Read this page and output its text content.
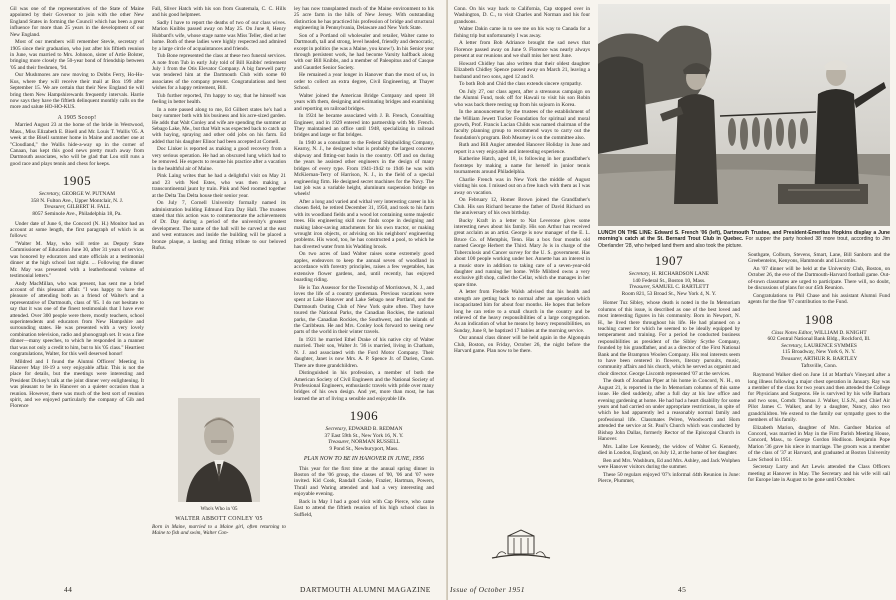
Gil was one of the representatives of the State of Maine appointed by their Governor to join with the other New England States in forming the Council which has been a great influence for more than 25 years in the development of our New England.

Most of our members will remember Stevie, secretary of 1905 since their graduation, who just after his fiftieth reunion in June, was married to Mrs. Johnson, sister of Artie Bolster, bringing more closely the 50-year bond of friendship between '05 and their freshmen, '94.

Our Mushmores are now moving to Dobbs Ferry, Ho-Ho-Kus, where they will receive their mail at Box 199 after September 15. We are certain that their New England tie will bring them New Hampshirewards frequently intervals. Harrie now says they have the fiftieth delinquent monthly calls on the more and salute HO-HO-KUS.

A 1905 Scoop!

Married August 23 at the home of the bride in Westwood, Mass., Miss Elizabeth E. Bisell and Mr. Louis T. Wallis '05. A week at the Bisell summer home in Maine and another one at "Cloudland," the Wallis hide-a-way up in the corner of Canaan, has kept this good news pretty much away from Dartmouth associates, who will be glad that Lou still runs a good race and plays tennis and chess for keeps.

1905
Secretary, GEORGE W. PUTNAM
358 N. Fulton Ave., Upper Montclair, N. J.
Treasurer, GILBERT H. FALL
8057 Seminole Ave., Philadelphia 18, Pa.

Under date of June 6, the Concord (N. H.) Monitor had an account at some length, the first paragraph of which is as follows:

"Walter M. May, who will retire as Deputy State Commissioner of Education June 30, after 31 years of service, was honored by educators and state officials at a testimonial dinner at the high school last night. ... Following the dinner Mr. May was presented with a leatherbound volume of testimonial letters."

Andy MacMillan, who was present, has sent me a brief account of this pleasant affair. "I was happy to have the pleasure of attending both as a friend of Walter's and a representative of Dartmouth, class of '05. I do not hesitate to say that it was one of the finest testimonials that I have ever attended. Over 300 people were there, mostly teachers, school superintendents and educators from New Hampshire and surrounding states. He was presented with a very lovely combination television, radio and phonograph set. It was a fine dinner—many speeches, to which he responded in a manner that was not only a credit to him, but to his '05 class." Heartiest congratulations, Walter, for this well deserved honor!

Mildred and I found the Alumni Officers' Meeting in Hanover May 18-19 a very enjoyable affair. This is not the place for details, but the meetings were interesting and President Dickey's talk at the joint dinner very enlightening. It was pleasant to be in Hanover on a quieter occasion than a reunion. However, there was much of the best sort of reunion spirit, and we enjoyed particularly the company of Gib and Florence

Fall, Sliver Hatch with his son from Guatemala, C. C. Hills and his good helpmeet.

Sadly I have to report the deaths of two of our class wives. Marion Knibbs passed away on May 25. On June 8, Henry Hubbard's wife, whose stage name was Miss Teller, died at her home. Both of these ladies were highly respected and admired by a large circle of acquaintances and friends.

Tub Bone represented the class at these two funeral services. A note from Tub in early July told of Bill Knibbs' retirement July 1 from the Otis Elevator Company. A big farewell party was tendered him at the Dartmouth Club with some 60 associates of the company present. Congratulations and best wishes for a happy retirement, Bill.

Tub further reported, I'm happy to say, that he himself was feeling in better health.

In a note passed along to me, Ed Gilbert states he's had a busy summer both with his business and his acre-sized garden. He adds that Walt Conley and wife are spending the summer at Sebago Lake, Me., but that Walt was expected back to catch up with haying, spraying and other odd jobs on his farm. Ed added that his daughter Elinor had been accepted at Cornell.

Doc Linker is reported as making a good recovery from a very serious operation. He had an obscured lung which had to be removed. He expects to resume his practice after a vacation in the healthful air of Maine.

Pink Laing writes that he had a delightful visit on May 21 and 23 with Ned Estes, who was then making a transcontinental jaunt by train. Pink and Ned roomed together at the Delta Tau Delta house their senior year.

On July 7, Cornell University formally named its administration building Edmund Ezra Day Hall. The trustees stated that this action was to commemorate the achievements of Dr. Day during a period of the university's greatest development. The name of the hall will be carved at the east and west entrances and inside the building will be placed a bronze plaque, a lasting and fitting tribute to our beloved Rufus.

Who's Who in '05
WALTER ABBOTT CONLEY '05
Born in Maine, married to a Maine girl, often returning to Maine to fish and swim, Walter Con-

ley has now transplanted much of the Maine environment to his 25 acre farm in the hills of New Jersey. With outstanding distinction he has practiced his profession of bridge and structural engineering in Pennsylvania, Delaware and New York State.

Son of a Portland oil wholesaler and retailer, Walter came to Dartmouth, tall and strong, level headed, friendly and democratic, except in politics (he was a Maine, you know!). In his Senior year through persistent work, he had become Varsity halfback along with our Bill Knibbs, and a member of Paleopitus and of Casque and Gauntlet Senior Society.

He remained a year longer in Hanover than the most of us, in order to collect an extra degree, Civil Engineering, at Thayer School.

Walter joined the American Bridge Company and spent 18 years with them, designing and estimating bridges and examining and reporting on railroad bridges.

In 1924 he became associated with J. B. French, Consulting Engineer, and in 1929 entered into partnership with Mr. French. They maintained an office until 1948, specializing in railroad bridges and large or flat bridges.

In 1940 as a consultant to the Federal Shipbuilding Company, Kearny, N. J., he designed what is probably the largest concrete shipway and fitting-out basin in the country. Off and on during the years he assisted other engineers in the design of many bridges of every type. From 1941-1942 to 1946 he was with McKiernan-Terry of Harrison, N. J., in the field of a special engineering firm. He designed secret machines for the Navy. The last job was a variable height, aluminum suspension bridge on wheels!

After a long and varied and withal very interesting career in his chosen field, he retired December 31, 1950, and took to his farm with its woodland fields and a wood lot containing some majestic trees. His engineering skill now finds scope in designing and making labor-saving attachments for his own tractor, or making wrought iron objects, or advising on his neighbors' engineering problems. His wood, too, he has constructed a pool, to which he has diverted water from his Wadding brook.

On two acres of land Walter raises some extremely good apples, endeavors to keep the annual seven of woodland in accordance with forestry principles, raises a few vegetables, has extensive flower gardens, and, until recently, has enjoyed boarding riding.

He is Tax Assessor for the Township of Morristown, N. J., and loves the life of a country gentleman. Previous vacations were spent at Lake Hanover and Lake Sebago near Portland, and the Dartmouth Outing Club of New York quite often. They have toured the National Parks, the Canadian Rockies, the national parks, the Canadian Rockies, the Southwest, and the islands of the Caribbean. He and Mrs. Conley look forward to seeing new parts of the world in their winter travels.

In 1921 he married Ethel Drake of his native city of Walter married. Their son, Walter Jr. '36 is married, living in Chatham, N. J. and associated with the Ford Motor Company. Their daughter, Janet is now Mrs. A. P. Spence Jr. of Darien, Conn. There are three grandchildren.

Distinguished in his profession, a member of both the American Society of Civil Engineers and the National Society of Professional Engineers, enthusiastic travels with pride over many bridges of his own design. And yet, more than most, he has learned the art of living a sensible and enjoyable life.

1906
Secretary, EDWARD B. REDMAN
37 East 59th St., New York 16, N. Y.
Treasurer, NORMAN RUSSELL
9 Pond St., Newburyport, Mass.
PLAN NOW TO BE IN HANOVER IN JUNE, 1956

This year for the first time at the annual spring dinner in Boston of the '06 group, the classes of '00, '06 and '07 were invited. Kid Cook, Randall Cooke, Frazier, Hartman, Powers, Thrall and Waring attended and had a very interesting and enjoyable evening.

Back in May I had a good visit with Cap Pierce, who came East to attend the fiftieth reunion of his high school class in Suffield,

44	DARTMOUTH ALUMNI MAGAZINE
LUNCH ON THE LINE: Edward S. French '06 (left), Dartmouth Trustee, and President-Emeritus Hopkins display a June morning's catch at the St. Bernard Trout Club in Quebec. For supper the party hooked 38 more trout, according to Jim Oberlander '28, who helped land them and also took the picture.

Conn. On his way back to California, Cap stopped over in Washington, D. C., to visit Charles and Norman and his four grandsons.

Walter Dakin came in to see me on his way to Canada for a fishing trip but unfortunately I was away.

A letter from Bob Adriance brought the sad news that Florence passed away on June 9. Florence was nearly always present at our reunions and we shall miss her next June.

Howard Chidley has also written that their oldest daughter Elizabeth Chidley Spence passed away on March 21, leaving a husband and two sons, aged 12 and 8.

To both Bob and Chid the class extends sincere sympathy.

On July 27, our class agent, after a strenuous campaign on the Alumni Fund, took off for Hawaii to visit his son Robin who was back there resting up from his sojourn in Korea.

In the announcement by the trustees of the establishment of the William Jewett Tucker Foundation for spiritual and moral growth, Prof. Francis Lucian Childs was named chairman of the faculty planning group to recommend ways to carry out the foundation's program. Bob Mearney is on the committee also.

Ruth and Bill Angier attended Hanover Holiday in June and report it a very enjoyable and interesting experience.

Katherine Hatch, aged 18, is following in her grandfather's footsteps by making a name for herself in junior tennis tournaments around Philadelphia.

Charlie French was in New York the middle of August visiting his son. I missed out on a free lunch with them as I was away on vacation.

On February 12, Homer Brown joined the Grandfather's Club. His son Richard became the father of David Richard on the anniversary of his own birthday.

Bucky Kraft in a letter to Nat Leverone gives some interesting news about his family. His son Arthur has received great acclaim as an artist. George is now manager of the E. L. Bruce Co. of Memphis, Tenn. Has a box four months old named George Herbert the Third. Mary Jo is in charge of the Tuberculosis and Cancer survey for the U. S. government. Has about 100 people working under her. Annette has an interest in a music store in addition to taking care of a seven-year-old daughter and running her home. Wife Mildred owns a very exclusive gift shop, called the Cellar, which she manages in her spare time.

A letter from Freddie Walsh advised that his health and strength are getting back to normal after an operation which incapacitated him for about four months. He hopes that before long he can retire to a small church in the country and be relieved of the heavy responsibilities of a large congregation. As an indication of what he means by heavy responsibilities, on Sunday, June 8, he baptized 17 babies at the morning service.

Our annual class dinner will be held again in the Algonquin Club, Boston, on Friday, October 26, the night before the Harvard game. Plan now to be there.

1907
Secretary, H. RICHARDSON LANE
140 Federal St., Boston 10, Mass.
Treasurer, SAMUEL C. BARTLETT
Room 821, 53 Broad St., New York 4, N. Y.

Homer Tuz Sibley, whose death is noted in the In Memoriam columns of this issue, is described as one of the best loved and most interesting figures in his community. Born in Newport, N. H., he lived there throughout his life. He had planned on a teaching career for which he seemed to be ideally equipped by temperament and training. For a period he conducted business responsibilities as president of the Sibley Scythe Company, founded by his grandfather, and as a director of the First National Bank and the Brampton Woolen Company. His real interests seem to have been centered in flowers, literary pursuits, music, community affairs and his church, which he served as organist and choir director. George Liscomb represented '07 at the services.

The death of Jonathan Piper at his home in Concord, N. H., on August 21, is reported in the In Memoriam columns of this same issue. He died suddenly, after a full day at his law office and evening gardening at home. He had had a heart disability for some years and had carried on under appropriate restrictions, in spite of which he had apparently led a reasonably normal family and professional life. Classmates Pelren, Woodworth and Horn attended the service at St. Paul's Church which was conducted by Bishop John Dallas, formerly Rector of the Episcopal Church in Hanover.

Mrs. Lalite Lee Kennedy, the widow of Walter G. Kennedy, died in London, England, on July 12, at the home of her daughter.

Ben and Mrs. Washburn, Ed and Mrs. Ashley, and Jack Wolphen were Hanover visitors during the summer.

These 50 regulars enjoyed '07's informal 44th Reunion in June: Pierce, Plummer,

Southgate, Colburn, Stevens, Smart, Lane, Bill Sanborn and the Greebenteins, Kenyons, Hammonds and Liscombs.

An '07 dinner will be held at the University Club, Boston, on October 26, the eve of the Dartmouth-Harvard football game. Out-of-town classmates are urged to participate. There will, no doubt, be discussions of plans for our 45th Reunion.

Congratulations to Phil Chase and his assistant Alumni Fund agents for the fine '07 contribution to the Fund.

1908
Class Notes Editor, WILLIAM D. KNIGHT
602 Central National Bank Bldg., Rockford, Ill.
Secretary, LAURENCE SYMMES
115 Broadway, New York 6, N. Y.
Treasurer, ARTHUR R. BARTLEY
Taftsville, Conn.

Raymond Walker died on June 14 at Martha's Vineyard after a long illness following a major chest operation in January. Ray was a member of the class for two years and then attended the College for Physicians and Surgeons. He is survived by his wife Barbara and two sons, Comdr. Thomas J. Walker, U.S.N., and Chief Air Pilot James C. Walker, and by a daughter, Nancy, also two grandchildren. We extend to the family our sympathy goes to the members of his family.

Elizabeth Marion, daughter of Mrs. Gardner Marion of Concord, was married in May in the First Parish Meeting House, Concord, Mass., to George Gordon Hodlison. Benjamin Pope Marion '36 gave his niece in marriage. The groom was a member of the class of '37 at Harvard, and graduated at Boston University Law School in 1951.

Secretary Larry and Art Lewis attended the Class Officers meeting at Hanover in May. The Secretary and his wife will sail for Europe late in August to be gone until October.

Issue of October 1951	45
